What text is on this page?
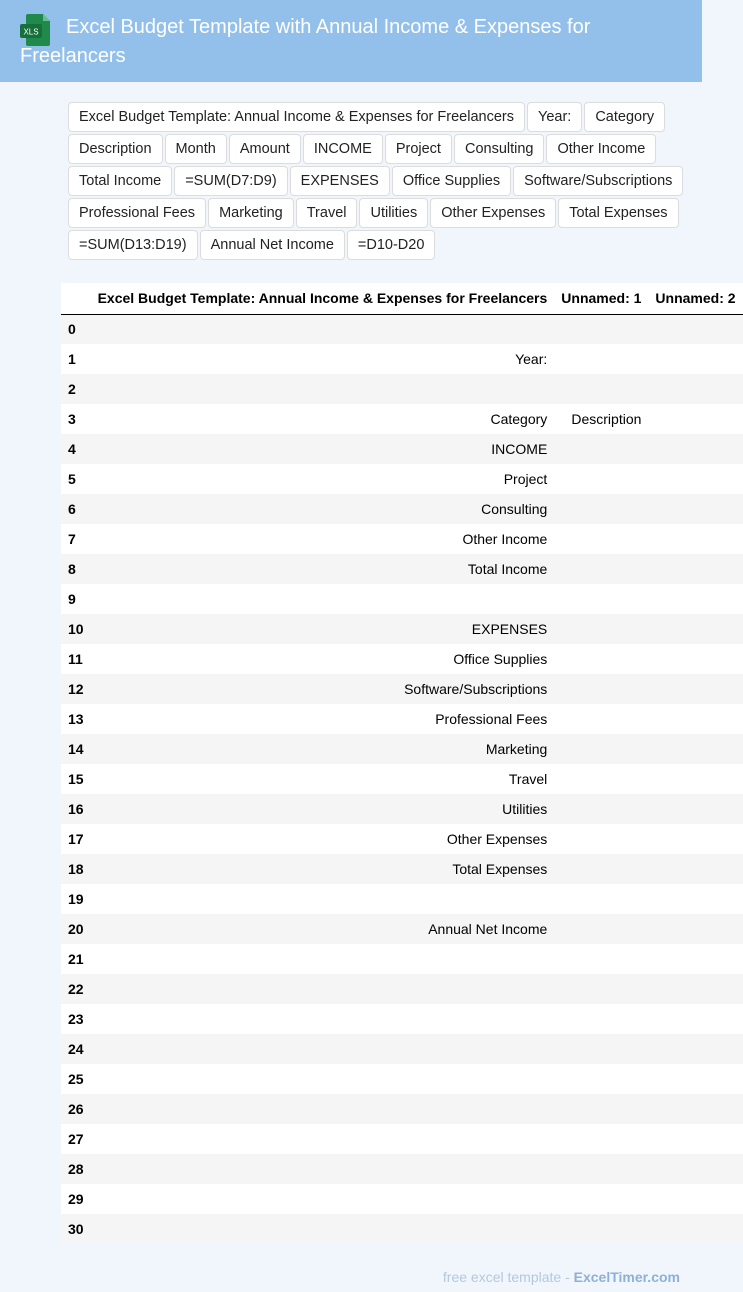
XLS	Excel Budget Template with Annual Income & Expenses for Freelancers
Excel Budget Template: Annual Income & Expenses for Freelancers	Year:	Category
Description	Month	Amount	INCOME	Project	Consulting	Other Income
Total Income	=SUM(D7:D9)	EXPENSES	Office Supplies	Software/Subscriptions
Professional Fees	Marketing	Travel	Utilities	Other Expenses	Total Expenses
=SUM(D13:D19)	Annual Net Income	=D10-D20
	Excel Budget Template: Annual Income & Expenses for Freelancers	Unnamed: 1	Unnamed: 2
0			
1	Year:		
2			
3	Category	Description	
4	INCOME		
5	Project		
6	Consulting		
7	Other Income		
8	Total Income		
9			
10	EXPENSES		
11	Office Supplies		
12	Software/Subscriptions		
13	Professional Fees		
14	Marketing		
15	Travel		
16	Utilities		
17	Other Expenses		
18	Total Expenses		
19			
20	Annual Net Income		
21			
22			
23			
24			
25			
26			
27			
28			
29			
30			
free excel template - ExcelTimer.com
